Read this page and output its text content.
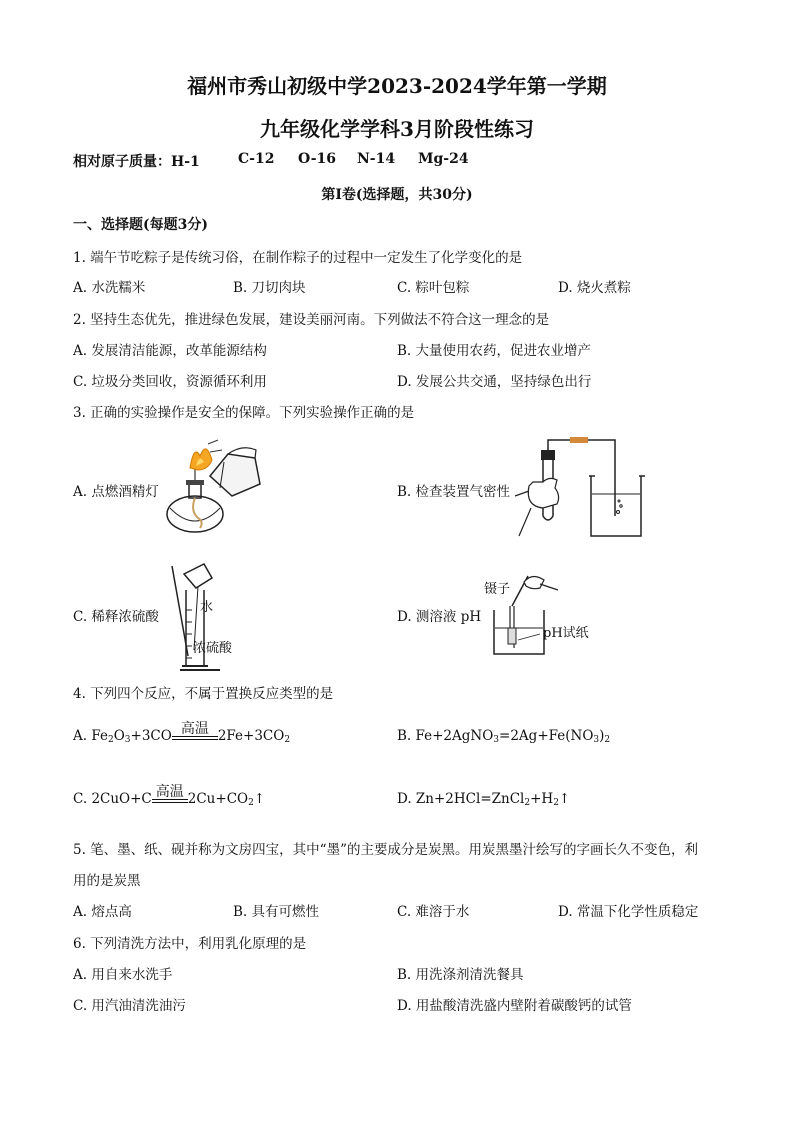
福州市秀山初级中学2023-2024学年第一学期
九年级化学学科3月阶段性练习
相对原子质量：H-1	C-12 O-16 N-14 Mg-24
第I卷(选择题，共30分)
一、选择题(每题3分)
1. 端午节吃粽子是传统习俗，在制作粽子的过程中一定发生了化学变化的是
A. 水洗糯米	B. 刀切肉块	C. 粽叶包粽	D. 烧火煮粽
2. 坚持生态优先，推进绿色发展，建设美丽河南。下列做法不符合这一理念的是
A. 发展清洁能源，改革能源结构	B. 大量使用农药，促进农业增产
C. 垃圾分类回收，资源循环利用	D. 发展公共交通，坚持绿色出行
3. 正确的实验操作是安全的保障。下列实验操作正确的是
A. 点燃酒精灯	B. 检查装置气密性
C. 稀释浓硫酸	D. 测溶液 pH
水
浓硫酸
镊子
pH试纸
4. 下列四个反应，不属于置换反应类型的是
A. $Fe_2O_3+3CO$ 高温 $2Fe+3CO_2$	B. $Fe+2AgNO_3=2Ag+Fe(NO_3)_2$
C. 2CuO+C 高温 $2Cu+CO_2↑$	D. $Zn+2HCl=ZnCl_2+H_2↑$
5. 笔、墨、纸、砚并称为文房四宝，其中“墨”的主要成分是炭黑。用炭黑墨汁绘写的字画长久不变色，利
用的是炭黑
A. 熔点高	B. 具有可燃性	C. 难溶于水	D. 常温下化学性质稳定
6. 下列清洗方法中，利用乳化原理的是
A. 用自来水洗手	B. 用洗涤剂清洗餐具
C. 用汽油清洗油污	D. 用盐酸清洗盛内壁附着碳酸钙的试管
